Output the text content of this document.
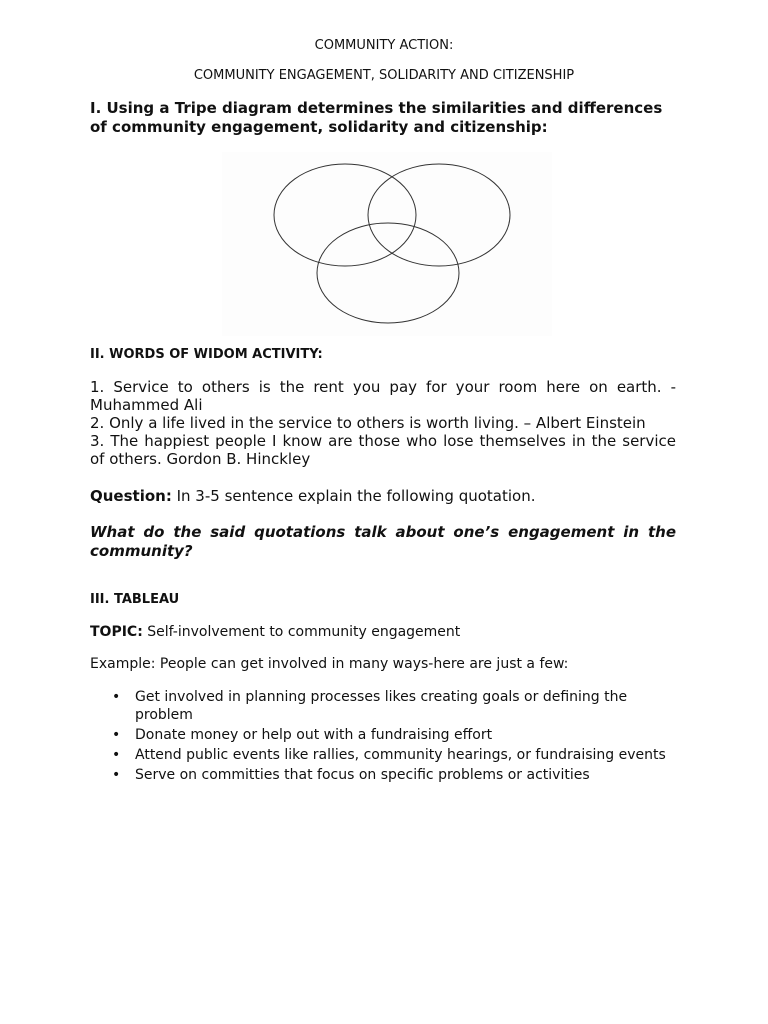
COMMUNITY ACTION:
COMMUNITY ENGAGEMENT, SOLIDARITY AND CITIZENSHIP
I. Using a Tripe diagram determines the similarities and differences of community engagement, solidarity and citizenship:
II. WORDS OF WIDOM ACTIVITY:

1. Service to others is the rent you pay for your room here on earth. -Muhammed Ali

2. Only a life lived in the service to others is worth living. – Albert Einstein

3. The happiest people I know are those who lose themselves in the service of others. Gordon B. Hinckley

Question: In 3-5 sentence explain the following quotation.
What do the said quotations talk about one’s engagement in the community?
III. TABLEAU
TOPIC: Self-involvement to community engagement
Example: People can get involved in many ways-here are just a few:
• Get involved in planning processes likes creating goals or defining the problem
• Donate money or help out with a fundraising effort
• Attend public events like rallies, community hearings, or fundraising events
• Serve on committies that focus on specific problems or activities
